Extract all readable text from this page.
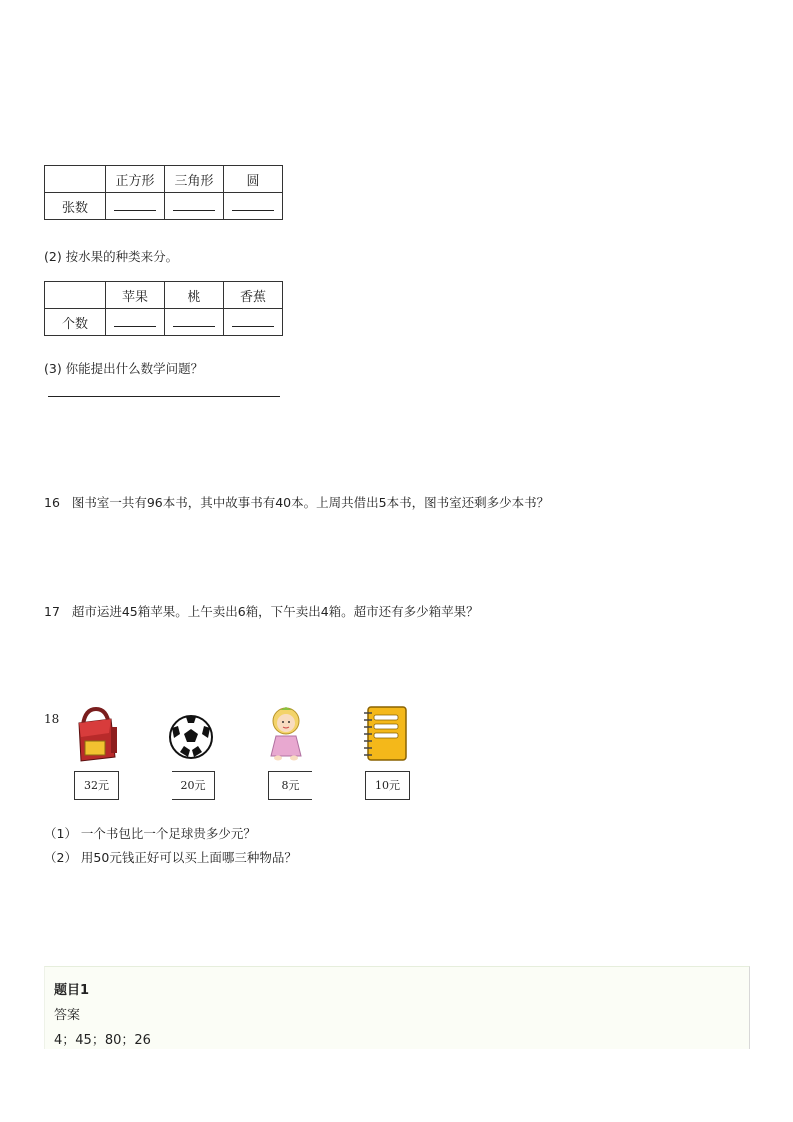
	正方形	三角形	圆
张数			
(2) 按水果的种类来分。
	苹果	桃	香蕉
个数			
(3) 你能提出什么数学问题？
16 图书室一共有96本书，其中故事书有40本。上周共借出5本书，图书室还剩多少本书？
17 超市运进45箱苹果。上午卖出6箱，下午卖出4箱。超市还有多少箱苹果？
18
32元	20元	8元	10元
（1） 一个书包比一个足球贵多少元？
（2） 用50元钱正好可以买上面哪三种物品？
题目1
答案
4；45；80；26
